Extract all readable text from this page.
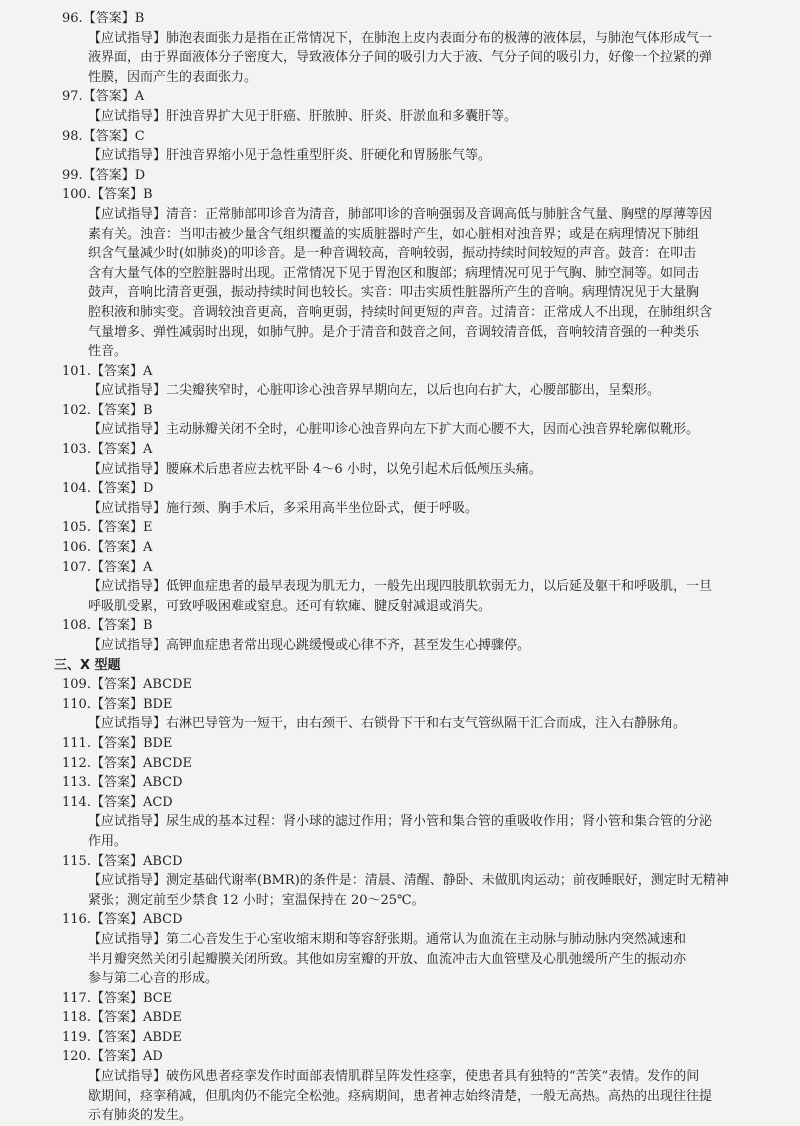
96.【答案】B
【应试指导】肺泡表面张力是指在正常情况下，在肺泡上皮内表面分布的极薄的液体层，与肺泡气体形成气一
液界面，由于界面液体分子密度大，导致液体分子间的吸引力大于液、气分子间的吸引力，好像一个拉紧的弹
性膜，因而产生的表面张力。
97.【答案】A
【应试指导】肝浊音界扩大见于肝癌、肝脓肿、肝炎、肝淤血和多囊肝等。
98.【答案】C
【应试指导】肝浊音界缩小见于急性重型肝炎、肝硬化和胃肠胀气等。
99.【答案】D
100.【答案】B
【应试指导】清音：正常肺部叩诊音为清音，肺部叩诊的音响强弱及音调高低与肺脏含气量、胸壁的厚薄等因
素有关。浊音：当叩击被少量含气组织覆盖的实质脏器时产生，如心脏相对浊音界；或是在病理情况下肺组
织含气量减少时(如肺炎)的叩诊音。是一种音调较高，音响较弱，振动持续时间较短的声音。鼓音：在叩击
含有大量气体的空腔脏器时出现。正常情况下见于胃泡区和腹部；病理情况可见于气胸、肺空洞等。如同击
鼓声，音响比清音更强，振动持续时间也较长。实音：叩击实质性脏器所产生的音响。病理情况见于大量胸
腔积液和肺实变。音调较浊音更高，音响更弱，持续时间更短的声音。过清音：正常成人不出现，在肺组织含
气量增多、弹性减弱时出现，如肺气肿。是介于清音和鼓音之间，音调较清音低，音响较清音强的一种类乐
性音。
101.【答案】A
【应试指导】二尖瓣狭窄时，心脏叩诊心浊音界早期向左，以后也向右扩大，心腰部膨出，呈梨形。
102.【答案】B
【应试指导】主动脉瓣关闭不全时，心脏叩诊心浊音界向左下扩大而心腰不大，因而心浊音界轮廓似靴形。
103.【答案】A
【应试指导】腰麻术后患者应去枕平卧 4～6 小时，以免引起术后低颅压头痛。
104.【答案】D
【应试指导】施行颈、胸手术后，多采用高半坐位卧式，便于呼吸。
105.【答案】E
106.【答案】A
107.【答案】A
【应试指导】低钾血症患者的最早表现为肌无力，一般先出现四肢肌软弱无力，以后延及躯干和呼吸肌，一旦
呼吸肌受累，可致呼吸困难或窒息。还可有软瘫、腱反射减退或消失。
108.【答案】B
【应试指导】高钾血症患者常出现心跳缓慢或心律不齐，甚至发生心搏骤停。
三、X 型题
109.【答案】ABCDE
110.【答案】BDE
【应试指导】右淋巴导管为一短干，由右颈干、右锁骨下干和右支气管纵隔干汇合而成，注入右静脉角。
111.【答案】BDE
112.【答案】ABCDE
113.【答案】ABCD
114.【答案】ACD
【应试指导】尿生成的基本过程：肾小球的滤过作用；肾小管和集合管的重吸收作用；肾小管和集合管的分泌
作用。
115.【答案】ABCD
【应试指导】测定基础代谢率(BMR)的条件是：清晨、清醒、静卧、未做肌肉运动；前夜睡眠好，测定时无精神
紧张；测定前至少禁食 12 小时；室温保持在 20～25℃。
116.【答案】ABCD
【应试指导】第二心音发生于心室收缩末期和等容舒张期。通常认为血流在主动脉与肺动脉内突然减速和
半月瓣突然关闭引起瓣膜关闭所致。其他如房室瓣的开放、血流冲击大血管壁及心肌弛缓所产生的振动亦
参与第二心音的形成。
117.【答案】BCE
118.【答案】ABDE
119.【答案】ABDE
120.【答案】AD
【应试指导】破伤风患者痉挛发作时面部表情肌群呈阵发性痉挛，使患者具有独特的“苦笑”表情。发作的间
歇期间，痉挛稍减，但肌肉仍不能完全松弛。痉病期间，患者神志始终清楚，一般无高热。高热的出现往往提
示有肺炎的发生。
